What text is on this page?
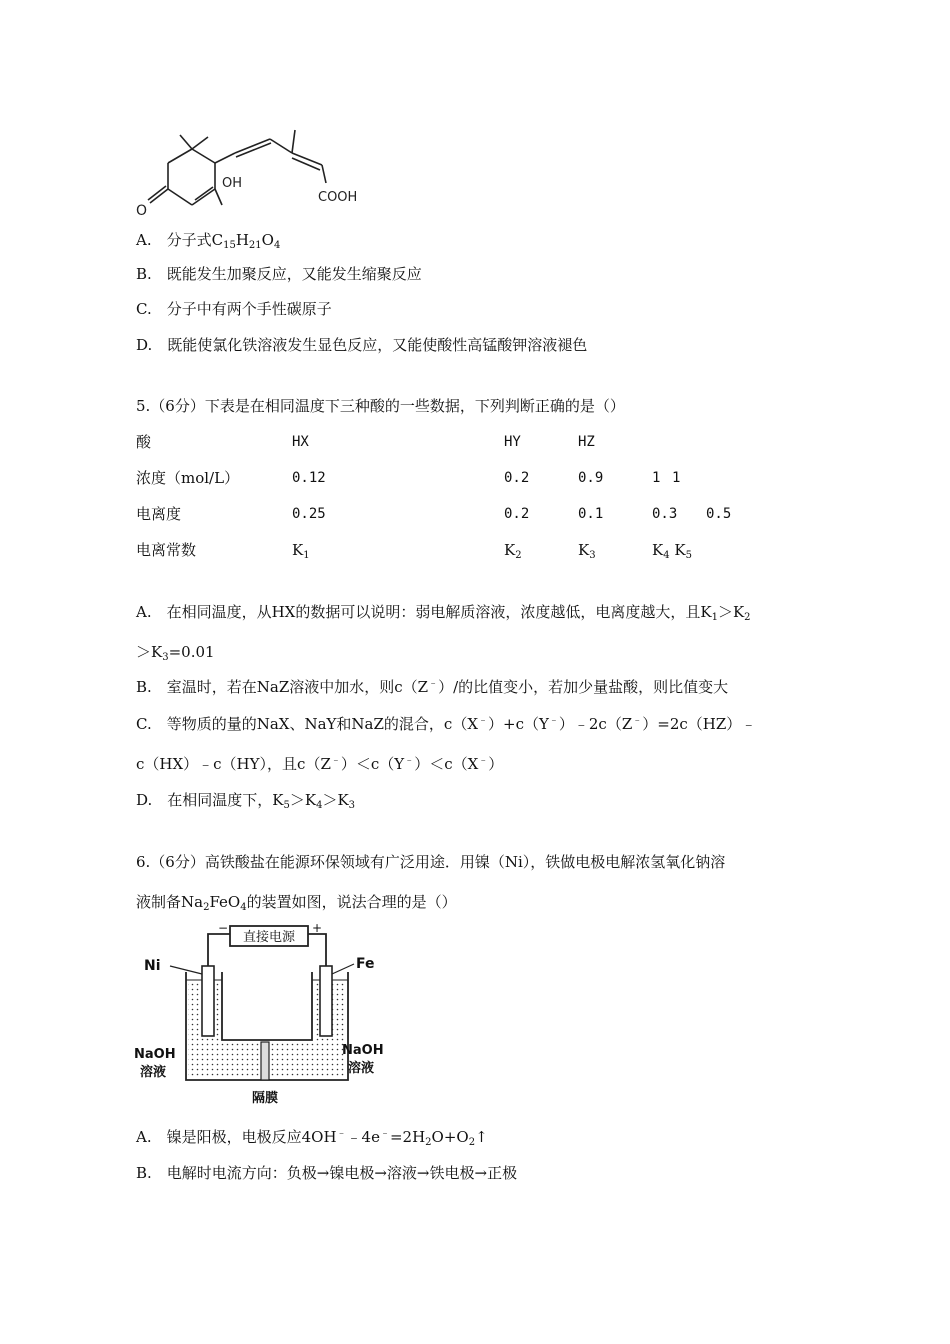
OH
O
COOH
A.　分子式$C_{15}H_{21}O_4$
B.　既能发生加聚反应，又能发生缩聚反应
C.　分子中有两个手性碳原子
D.　既能使氯化铁溶液发生显色反应，又能使酸性高锰酸钾溶液褪色
5.（6分）下表是在相同温度下三种酸的一些数据，下列判断正确的是（）
酸	HX	HY	HZ
浓度（mol/L）	0.12	0.2	0.9	1 1
电离度	0.25	0.2	0.1	0.3 0.5
电离常数	$K_1$	$K_2$	$K_3$	$K_4$ $K_5$
A.　在相同温度，从HX的数据可以说明：弱电解质溶液，浓度越低，电离度越大，且$K_1>K_2$
$>K_3=0.01$
B.　室温时，若在NaZ溶液中加水，则c（Z﹣）/的比值变小，若加少量盐酸，则比值变大
C.　等物质的量的NaX、NaY和NaZ的混合，c（X﹣）+c（Y﹣）﹣2c（Z﹣）=2c（HZ）﹣
c（HX）﹣c（HY），且c（Z﹣）＜c（Y﹣）＜c（X﹣）
D.　在相同温度下，$K_5>K_4>K_3$
6.（6分）高铁酸盐在能源环保领域有广泛用途．用镍（Ni），铁做电极电解浓氢氧化钠溶
液制备$Na_2FeO_4$的装置如图，说法合理的是（）
直接电源
−	+
Ni	Fe
NaOH
溶液
NaOH
溶液
隔膜
A.　镍是阳极，电极反应$4OH^﹣﹣4e^﹣=2H_2O+O_2↑$
B.　电解时电流方向：负极→镍电极→溶液→铁电极→正极
